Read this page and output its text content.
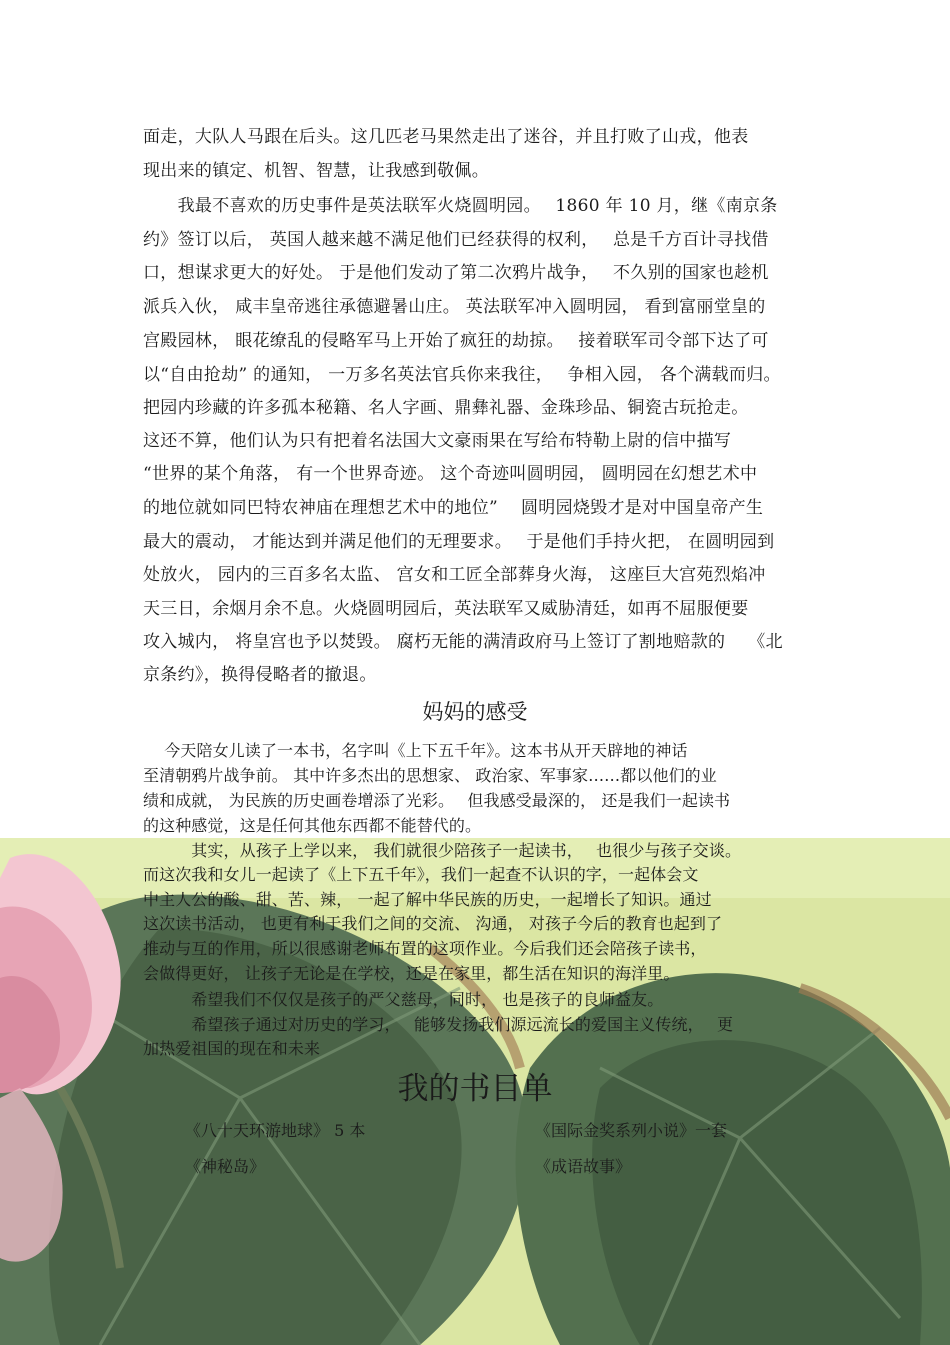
面走，大队人马跟在后头。这几匹老马果然走出了迷谷，并且打败了山戎，他表
现出来的镇定、机智、智慧，让我感到敬佩。
　　我最不喜欢的历史事件是英法联军火烧圆明园。　 1860 年 10 月，继《南京条
约》签订以后， 英国人越来越不满足他们已经获得的权利，　 总是千方百计寻找借
口，想谋求更大的好处。 于是他们发动了第二次鸦片战争，　 不久别的国家也趁机
派兵入伙， 咸丰皇帝逃往承德避暑山庄。 英法联军冲入圆明园， 看到富丽堂皇的
宫殿园林， 眼花缭乱的侵略军马上开始了疯狂的劫掠。　 接着联军司令部下达了可
以“自由抢劫” 的通知， 一万多名英法官兵你来我往，　 争相入园， 各个满载而归。
把园内珍藏的许多孤本秘籍、名人字画、鼎彝礼器、金珠珍品、铜瓷古玩抢走。
这还不算，他们认为只有把着名法国大文豪雨果在写给布特勒上尉的信中描写
“世界的某个角落， 有一个世界奇迹。 这个奇迹叫圆明园， 圆明园在幻想艺术中
的地位就如同巴特农神庙在理想艺术中的地位”　 圆明园烧毁才是对中国皇帝产生
最大的震动， 才能达到并满足他们的无理要求。　 于是他们手持火把， 在圆明园到
处放火， 园内的三百多名太监、 宫女和工匠全部葬身火海， 这座巨大宫苑烈焰冲
天三日，余烟月余不息。火烧圆明园后，英法联军又威胁清廷，如再不屈服便要
攻入城内， 将皇宫也予以焚毁。 腐朽无能的满清政府马上签订了割地赔款的　 《北
京条约》，换得侵略者的撤退。
妈妈的感受
　 今天陪女儿读了一本书，名字叫《上下五千年》。这本书从开天辟地的神话
至清朝鸦片战争前。 其中许多杰出的思想家、 政治家、军事家……都以他们的业
绩和成就， 为民族的历史画卷增添了光彩。　 但我感受最深的， 还是我们一起读书
的这种感觉，这是任何其他东西都不能替代的。
　　　其实，从孩子上学以来， 我们就很少陪孩子一起读书，　 也很少与孩子交谈。
而这次我和女儿一起读了《上下五千年》，我们一起查不认识的字，一起体会文
中主人公的酸、甜、苦、辣， 一起了解中华民族的历史，一起增长了知识。通过
这次读书活动， 也更有利于我们之间的交流、 沟通， 对孩子今后的教育也起到了
推动与互的作用，所以很感谢老师布置的这项作业。今后我们还会陪孩子读书，
会做得更好， 让孩子无论是在学校，还是在家里，都生活在知识的海洋里。
　　　希望我们不仅仅是孩子的严父慈母，同时， 也是孩子的良师益友。
　　　希望孩子通过对历史的学习，　 能够发扬我们源远流长的爱国主义传统，　 更
加热爱祖国的现在和未来
我的书目单
《八十天环游地球》 5 本	《国际金奖系列小说》一套
《神秘岛》	《成语故事》
